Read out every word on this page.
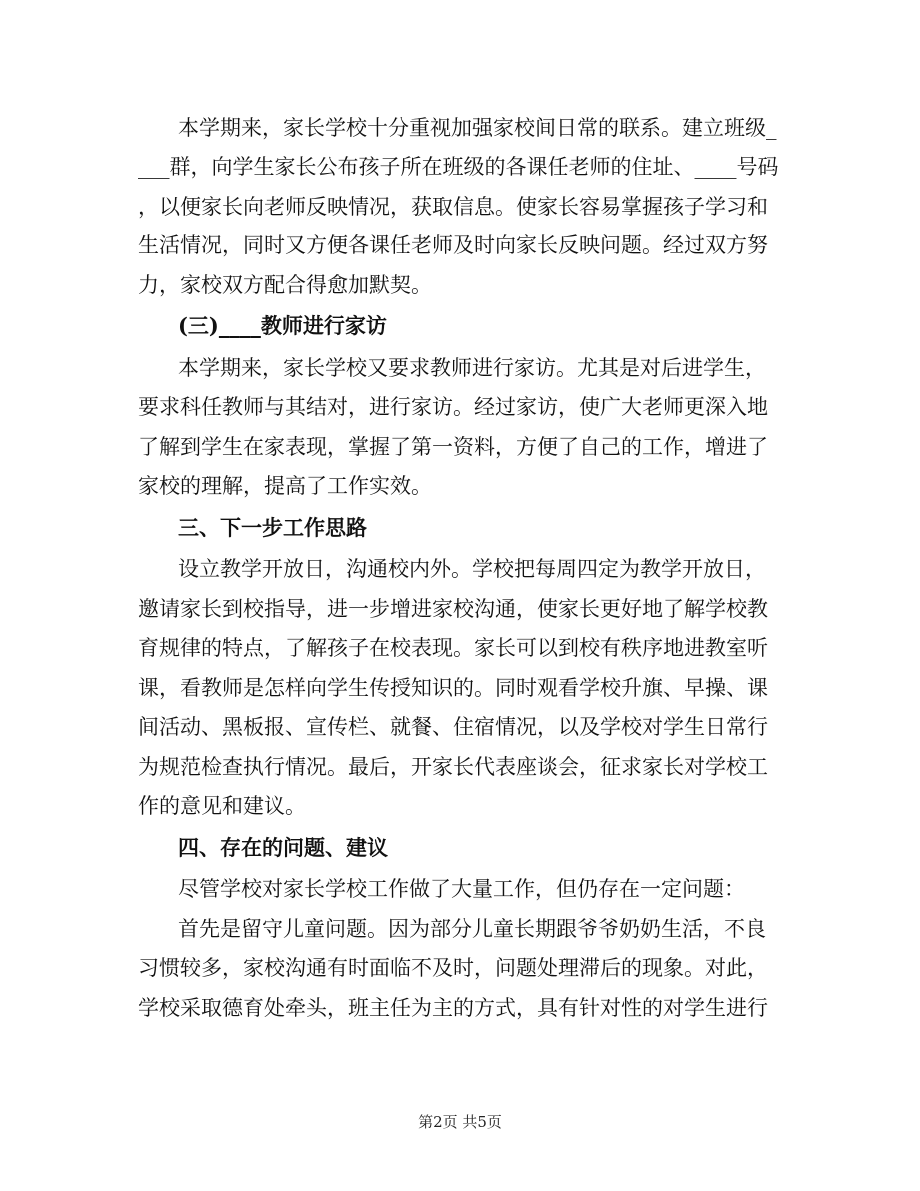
本学期来，家长学校十分重视加强家校间日常的联系。建立班级_
___群，向学生家长公布孩子所在班级的各课任老师的住址、____号码
，以便家长向老师反映情况，获取信息。使家长容易掌握孩子学习和
生活情况，同时又方便各课任老师及时向家长反映问题。经过双方努
力，家校双方配合得愈加默契。
(三)____教师进行家访
本学期来，家长学校又要求教师进行家访。尤其是对后进学生，
要求科任教师与其结对，进行家访。经过家访，使广大老师更深入地
了解到学生在家表现，掌握了第一资料，方便了自己的工作，增进了
家校的理解，提高了工作实效。
三、下一步工作思路
设立教学开放日，沟通校内外。学校把每周四定为教学开放日，
邀请家长到校指导，进一步增进家校沟通，使家长更好地了解学校教
育规律的特点，了解孩子在校表现。家长可以到校有秩序地进教室听
课，看教师是怎样向学生传授知识的。同时观看学校升旗、早操、课
间活动、黑板报、宣传栏、就餐、住宿情况，以及学校对学生日常行
为规范检查执行情况。最后，开家长代表座谈会，征求家长对学校工
作的意见和建议。
四、存在的问题、建议
尽管学校对家长学校工作做了大量工作，但仍存在一定问题：
首先是留守儿童问题。因为部分儿童长期跟爷爷奶奶生活，不良
习惯较多，家校沟通有时面临不及时，问题处理滞后的现象。对此，
学校采取德育处牵头，班主任为主的方式，具有针对性的对学生进行
第2页 共5页
